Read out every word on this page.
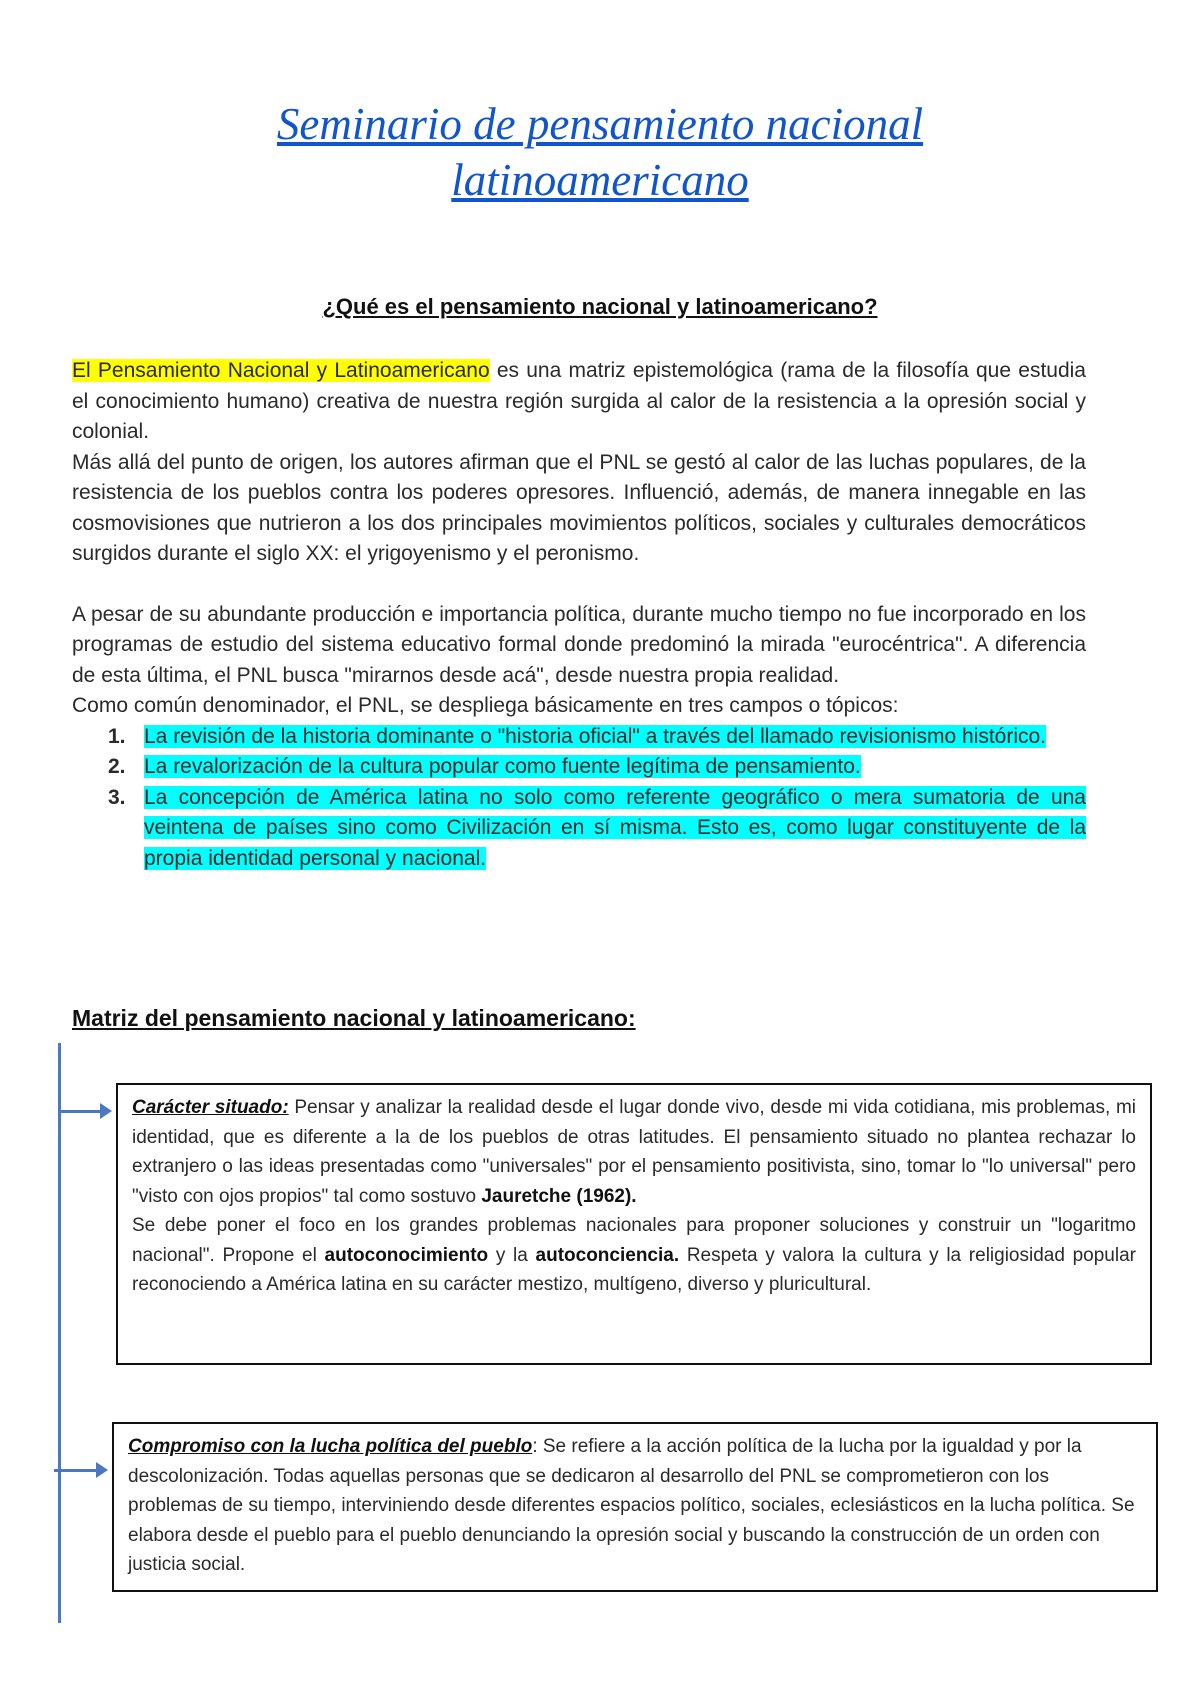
Seminario de pensamiento nacional
latinoamericano
¿Qué es el pensamiento nacional y latinoamericano?

El Pensamiento Nacional y Latinoamericano es una matriz epistemológica (rama de la filosofía que estudia el conocimiento humano) creativa de nuestra región surgida al calor de la resistencia a la opresión social y colonial.

Más allá del punto de origen, los autores afirman que el PNL se gestó al calor de las luchas populares, de la resistencia de los pueblos contra los poderes opresores. Influenció, además, de manera innegable en las cosmovisiones que nutrieron a los dos principales movimientos políticos, sociales y culturales democráticos surgidos durante el siglo XX: el yrigoyenismo y el peronismo.

A pesar de su abundante producción e importancia política, durante mucho tiempo no fue incorporado en los programas de estudio del sistema educativo formal donde predominó la mirada "eurocéntrica". A diferencia de esta última, el PNL busca "mirarnos desde acá", desde nuestra propia realidad.

Como común denominador, el PNL, se despliega básicamente en tres campos o tópicos:

1. La revisión de la historia dominante o "historia oficial" a través del llamado revisionismo histórico.
2. La revalorización de la cultura popular como fuente legítima de pensamiento.
3. La concepción de América latina no solo como referente geográfico o mera sumatoria de una veintena de países sino como Civilización en sí misma. Esto es, como lugar constituyente de la propia identidad personal y nacional.
Matriz del pensamiento nacional y latinoamericano:

Carácter situado: Pensar y analizar la realidad desde el lugar donde vivo, desde mi vida cotidiana, mis problemas, mi identidad, que es diferente a la de los pueblos de otras latitudes. El pensamiento situado no plantea rechazar lo extranjero o las ideas presentadas como "universales" por el pensamiento positivista, sino, tomar lo "lo universal" pero "visto con ojos propios" tal como sostuvo Jauretche (1962).

Se debe poner el foco en los grandes problemas nacionales para proponer soluciones y construir un "logaritmo nacional". Propone el autoconocimiento y la autoconciencia. Respeta y valora la cultura y la religiosidad popular reconociendo a América latina en su carácter mestizo, multígeno, diverso y pluricultural.

Compromiso con la lucha política del pueblo: Se refiere a la acción política de la lucha por la igualdad y por la descolonización. Todas aquellas personas que se dedicaron al desarrollo del PNL se comprometieron con los problemas de su tiempo, interviniendo desde diferentes espacios político, sociales, eclesiásticos en la lucha política. Se elabora desde el pueblo para el pueblo denunciando la opresión social y buscando la construcción de un orden con justicia social.
